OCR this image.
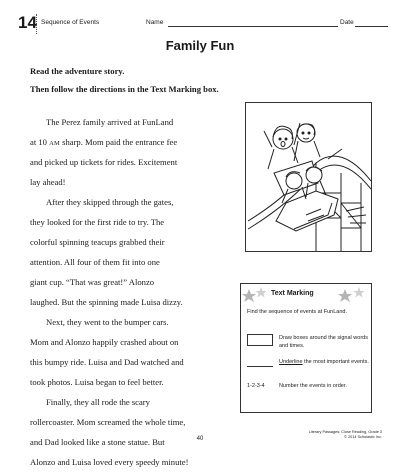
14 Sequence of Events	Name	Date
Family Fun
Read the adventure story.
Then follow the directions in the Text Marking box.
The Perez family arrived at FunLand
at 10 AM sharp. Mom paid the entrance fee
and picked up tickets for rides. Excitement
lay ahead!
After they skipped through the gates,
they looked for the first ride to try. The
colorful spinning teacups grabbed their
attention. All four of them fit into one
giant cup. “That was great!” Alonzo
laughed. But the spinning made Luisa dizzy.
Next, they went to the bumper cars.
Mom and Alonzo happily crashed about on
this bumpy ride. Luisa and Dad watched and
took photos. Luisa began to feel better.
Finally, they all rode the scary
rollercoaster. Mom screamed the whole time,
and Dad looked like a stone statue. But
Alonzo and Luisa loved every speedy minute!
Text Marking
Find the sequence of events at FunLand.
Draw boxes around the signal words and times.
Underline the most important events.
1-2-3-4	Number the events in order.
40
Literary Passages: Close Reading, Grade 3
© 2014 Scholastic Inc.
